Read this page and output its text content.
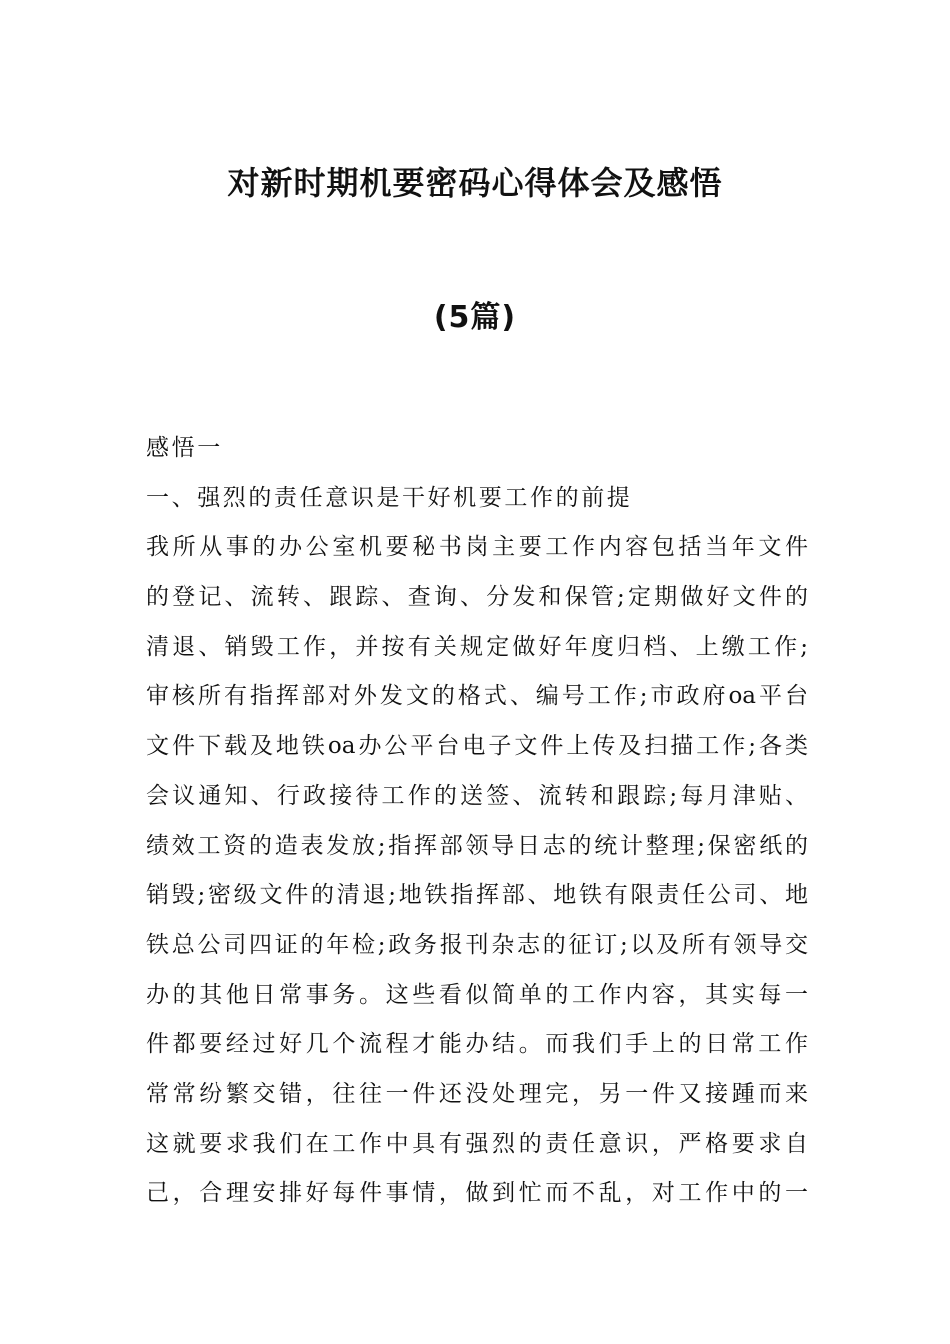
对新时期机要密码心得体会及感悟
(5篇)
感悟一
一、强烈的责任意识是干好机要工作的前提
我所从事的办公室机要秘书岗主要工作内容包括当年文件
的登记、流转、跟踪、查询、分发和保管;定期做好文件的
清退、销毁工作，并按有关规定做好年度归档、上缴工作;
审核所有指挥部对外发文的格式、编号工作;市政府oa平台
文件下载及地铁oa办公平台电子文件上传及扫描工作;各类
会议通知、行政接待工作的送签、流转和跟踪;每月津贴、
绩效工资的造表发放;指挥部领导日志的统计整理;保密纸的
销毁;密级文件的清退;地铁指挥部、地铁有限责任公司、地
铁总公司四证的年检;政务报刊杂志的征订;以及所有领导交
办的其他日常事务。这些看似简单的工作内容，其实每一
件都要经过好几个流程才能办结。而我们手上的日常工作
常常纷繁交错，往往一件还没处理完，另一件又接踵而来
这就要求我们在工作中具有强烈的责任意识，严格要求自
己，合理安排好每件事情，做到忙而不乱，对工作中的一
